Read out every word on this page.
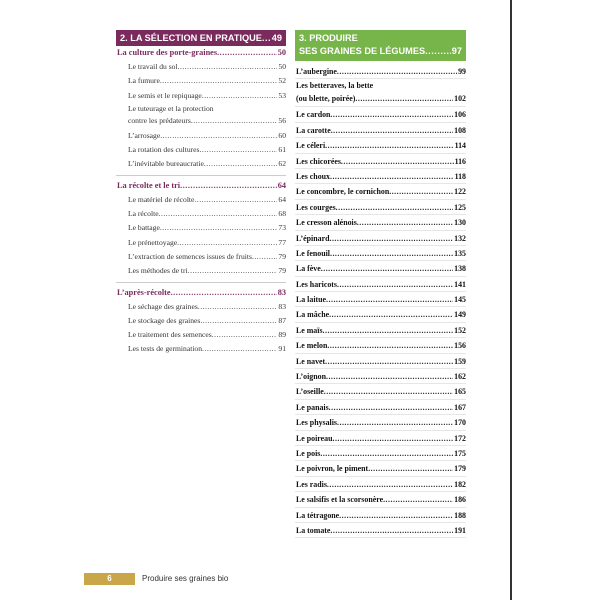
2. LA SÉLECTION EN PRATIQUE ..... 49
La culture des porte-graines .....	50
Le travail du sol .....	50
La fumure .....	52
Le semis et le repiquage .....	53
Le tuteurage et la protection
contre les prédateurs .....	56
L’arrosage .....	60
La rotation des cultures .....	61
L’inévitable bureaucratie .....	62
La récolte et le tri .....	64
Le matériel de récolte .....	64
La récolte .....	68
Le battage .....	73
Le prénettoyage .....	77
L’extraction de semences issues de fruits .....	79
Les méthodes de tri .....	79
L’après-récolte .....	83
Le séchage des graines .....	83
Le stockage des graines .....	87
Le traitement des semences .....	89
Les tests de germination .....	91
3. PRODUIRE
SES GRAINES DE LÉGUMES .....	97
L’aubergine .....	99
Les betteraves, la bette
(ou blette, poirée) .....	102
Le cardon .....	106
La carotte .....	108
Le céleri .....	114
Les chicorées .....	116
Les choux .....	118
Le concombre, le cornichon .....	122
Les courges .....	125
Le cresson alénois .....	130
L’épinard .....	132
Le fenouil .....	135
La fève .....	138
Les haricots .....	141
La laitue .....	145
La mâche .....	149
Le maïs .....	152
Le melon .....	156
Le navet .....	159
L’oignon .....	162
L’oseille .....	165
Le panais .....	167
Les physalis .....	170
Le poireau .....	172
Le pois .....	175
Le poivron, le piment .....	179
Les radis .....	182
Le salsifis et la scorsonère .....	186
La tétragone .....	188
La tomate .....	191
6	Produire ses graines bio
